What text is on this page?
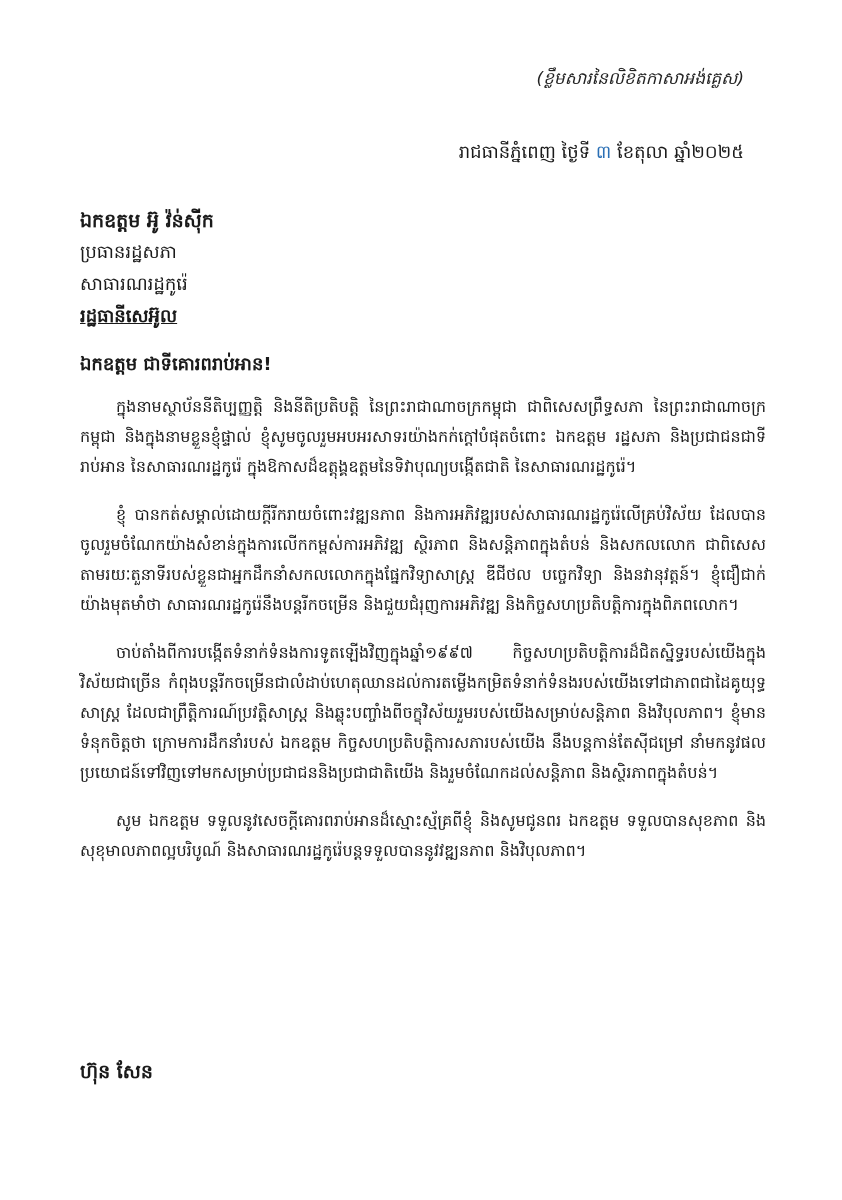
(ខ្លឹមសារនៃលិខិតកាសាអង់គ្លេស)
រាជធានីភ្នំពេញ ថ្ងៃទី ៣ ខែតុលា ឆ្នាំ២០២៥
ឯកឧត្តម អ៊ូ វ៉ន់ស៊ីក
ប្រធានរដ្ឋសភា
សាធារណរដ្ឋកូរ៉េ
រដ្ឋធានីសេអ៊ូល
ឯកឧត្តម ជាទីគោរពរាប់អាន!

ក្នុងនាមស្ថាប័ននីតិប្បញ្ញត្តិ និងនីតិប្រតិបត្តិ នៃព្រះរាជាណាចក្រកម្ពុជា ជាពិសេសព្រឹទ្ធសភា នៃព្រះរាជាណាចក្រកម្ពុជា និងក្នុងនាមខ្លួនខ្ញុំផ្ទាល់ ខ្ញុំសូមចូលរួមអបអរសាទរយ៉ាងកក់ក្តៅបំផុតចំពោះ ឯកឧត្តម រដ្ឋសភា និងប្រជាជនជាទីរាប់អាន នៃសាធារណរដ្ឋកូរ៉េ ក្នុងឱកាសដ៏ឧត្តុង្គឧត្តមនៃទិវាបុណ្យបង្កើតជាតិ នៃសាធារណរដ្ឋកូរ៉េ។

ខ្ញុំ បានកត់សម្គាល់ដោយក្តីរីករាយចំពោះវឌ្ឍនភាព និងការអភិវឌ្ឍរបស់សាធារណរដ្ឋកូរ៉េលើគ្រប់វិស័យ ដែលបានចូលរួមចំណែកយ៉ាងសំខាន់ក្នុងការលើកកម្ពស់ការអភិវឌ្ឍ ស្ថិរភាព និងសន្តិភាពក្នុងតំបន់ និងសកលលោក ជាពិសេសតាមរយៈតួនាទីរបស់ខ្លួនជាអ្នកដឹកនាំសកលលោកក្នុងផ្នែកវិទ្យាសាស្ត្រ ឌីជីថល បច្ចេកវិទ្យា និងនវានុវត្តន៍។ ខ្ញុំជឿជាក់យ៉ាងមុតមាំថា សាធារណរដ្ឋកូរ៉េនឹងបន្តរីកចម្រើន និងជួយជំរុញការអភិវឌ្ឍ និងកិច្ចសហប្រតិបត្តិការក្នុងពិភពលោក។

ចាប់តាំងពីការបង្កើតទំនាក់ទំនងការទូតឡើងវិញក្នុងឆ្នាំ១៩៩៧ កិច្ចសហប្រតិបត្តិការដ៏ជិតស្និទ្ធរបស់យើងក្នុងវិស័យជាច្រើន កំពុងបន្តរីកចម្រើនជាលំដាប់ហេតុឈានដល់ការតម្លើងកម្រិតទំនាក់ទំនងរបស់យើងទៅជាភាពជាដៃគូយុទ្ធសាស្ត្រ ដែលជាព្រឹត្តិការណ៍ប្រវត្តិសាស្ត្រ និងឆ្លុះបញ្ចាំងពីចក្ខុវិស័យរួមរបស់យើងសម្រាប់សន្តិភាព និងវិបុលភាព។ ខ្ញុំមានទំនុកចិត្តថា ក្រោមការដឹកនាំរបស់ ឯកឧត្តម កិច្ចសហប្រតិបត្តិការសភារបស់យើង នឹងបន្តកាន់តែស៊ីជម្រៅ នាំមកនូវផលប្រយោជន៍ទៅវិញទៅមកសម្រាប់ប្រជាជននិងប្រជាជាតិយើង និងរួមចំណែកដល់សន្តិភាព និងស្ថិរភាពក្នុងតំបន់។

សូម ឯកឧត្តម ទទួលនូវសេចក្តីគោរពរាប់អានដ៏ស្មោះស្ម័គ្រពីខ្ញុំ និងសូមជូនពរ ឯកឧត្តម ទទួលបានសុខភាព និងសុខុមាលភាពល្អបរិបូណ៍ និងសាធារណរដ្ឋកូរ៉េបន្តទទួលបាននូវវឌ្ឍនភាព និងវិបុលភាព។

ហ៊ុន សែន
